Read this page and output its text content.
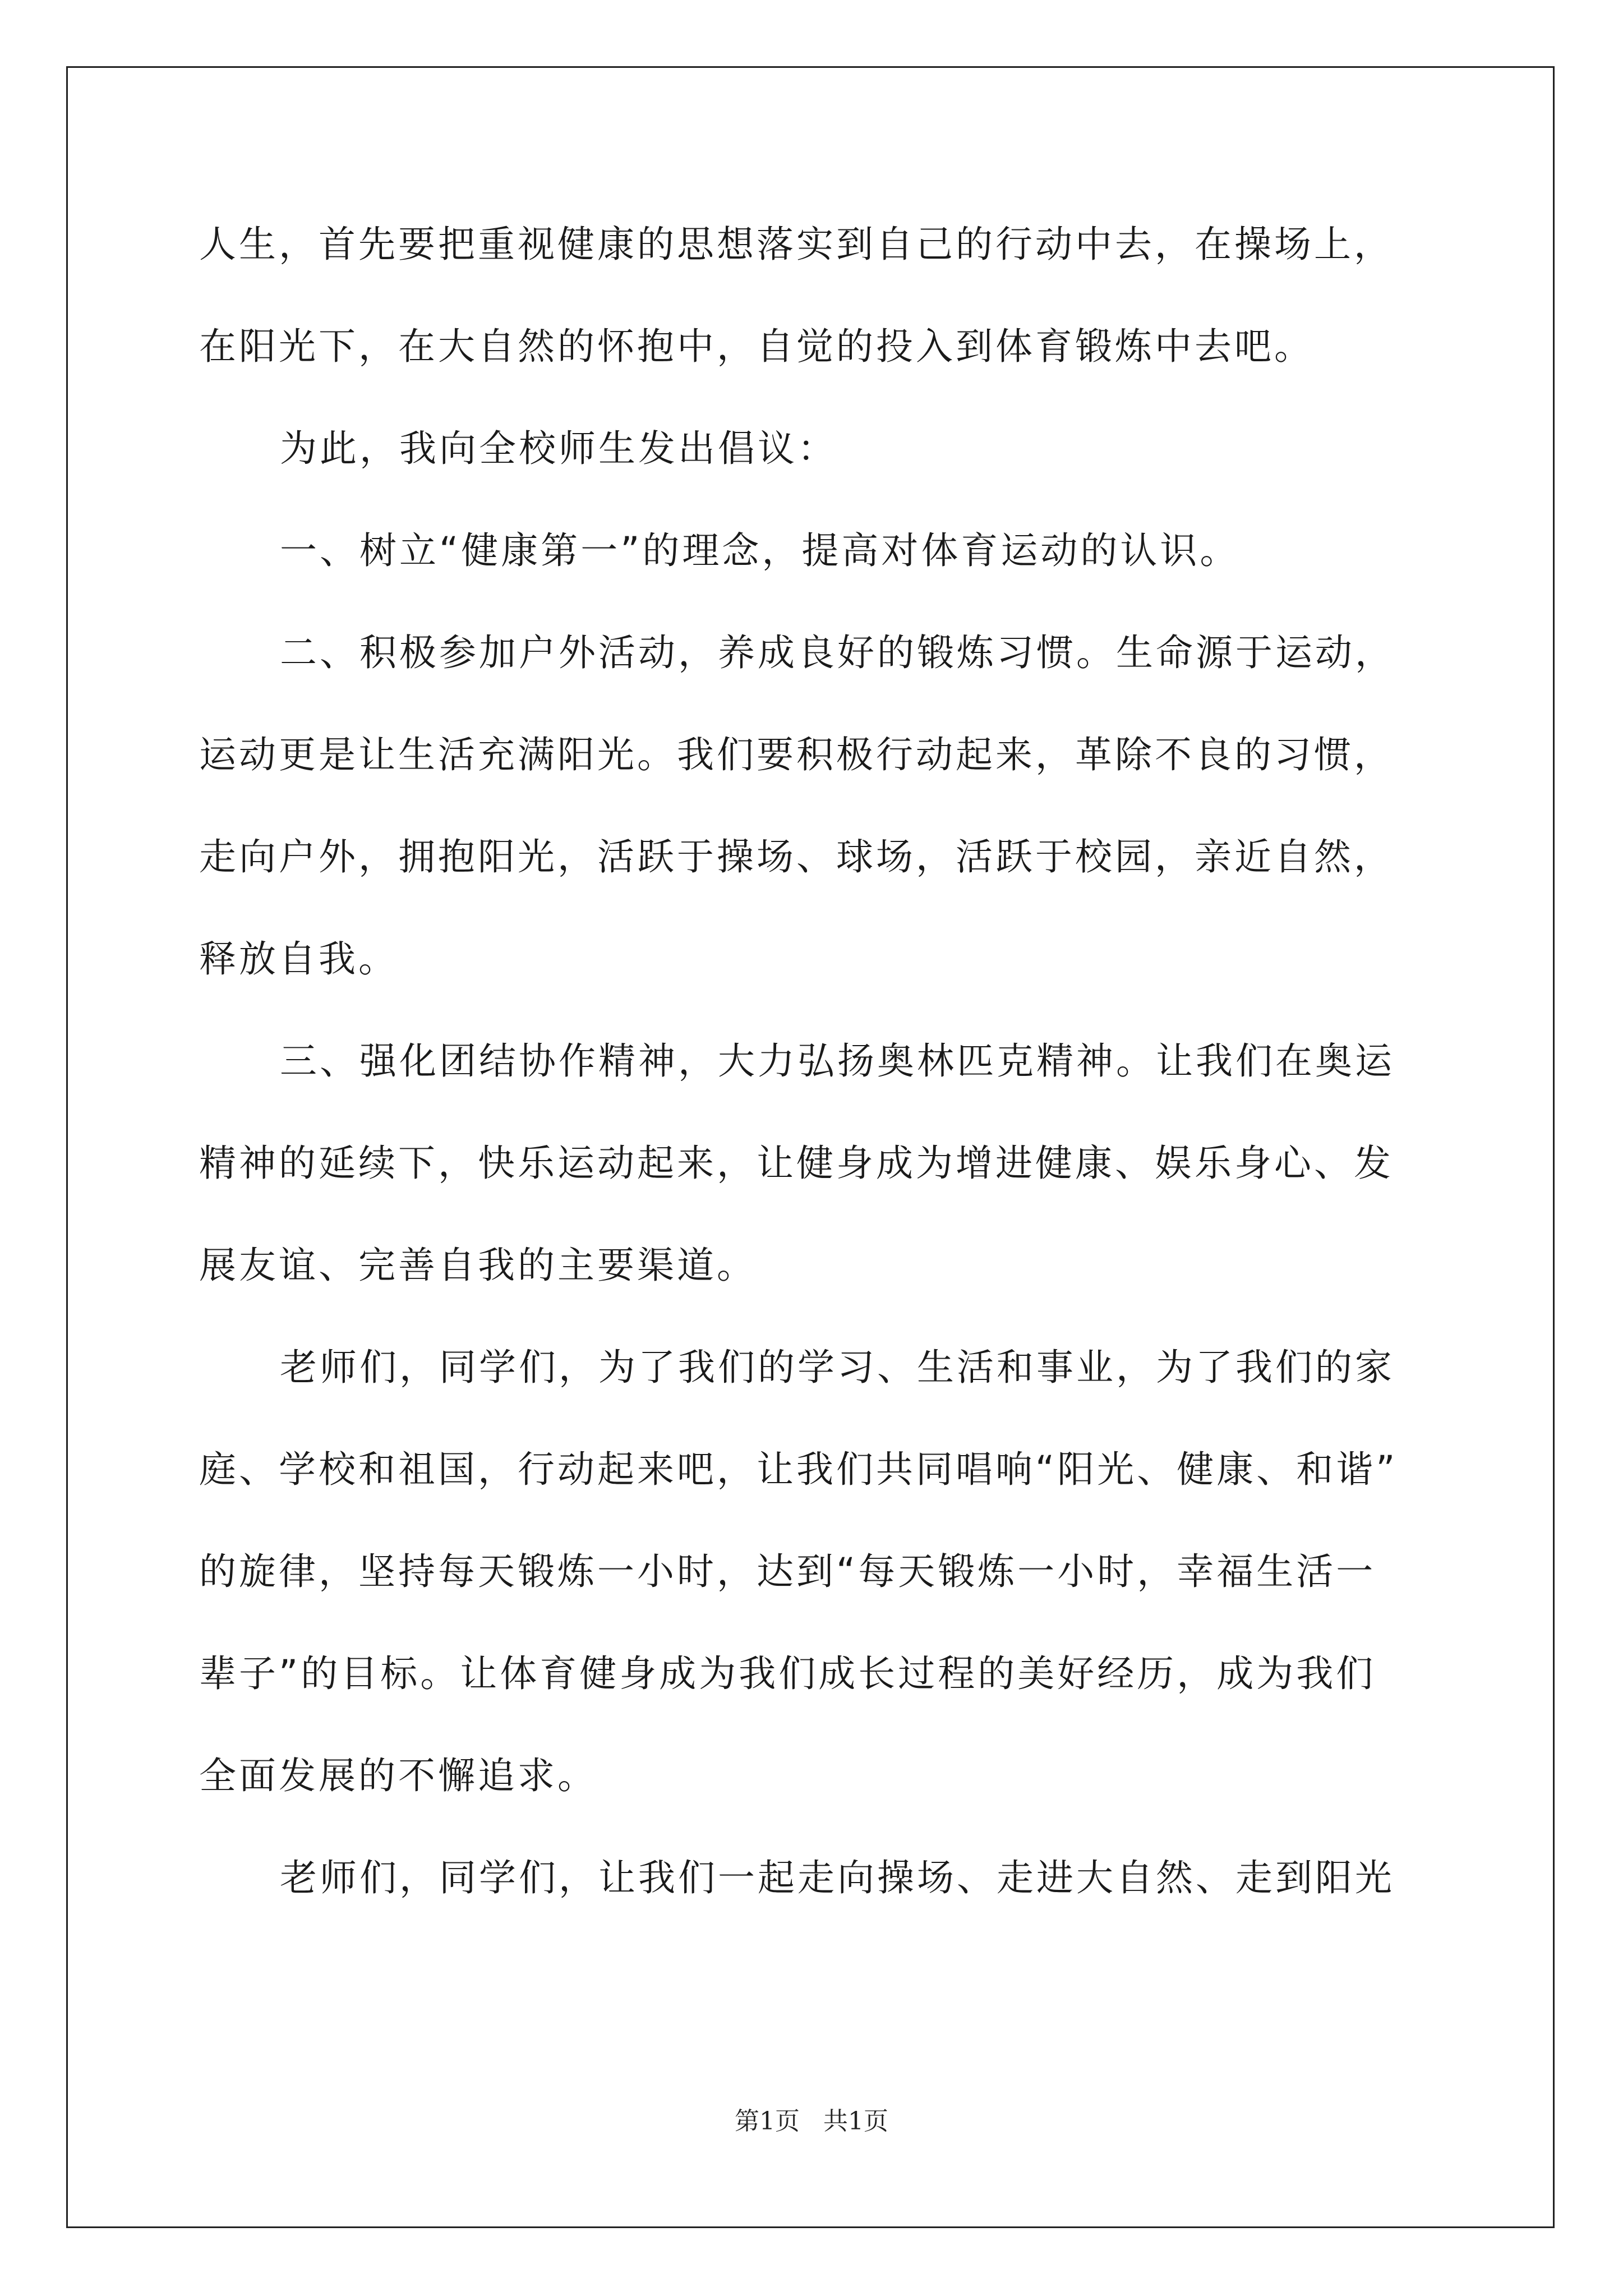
人生，首先要把重视健康的思想落实到自己的行动中去，在操场上，
在阳光下，在大自然的怀抱中，自觉的投入到体育锻炼中去吧。
为此，我向全校师生发出倡议：
一、树立“健康第一”的理念，提高对体育运动的认识。
二、积极参加户外活动，养成良好的锻炼习惯。生命源于运动，
运动更是让生活充满阳光。我们要积极行动起来，革除不良的习惯，
走向户外，拥抱阳光，活跃于操场、球场，活跃于校园，亲近自然，
释放自我。
三、强化团结协作精神，大力弘扬奥林匹克精神。让我们在奥运
精神的延续下，快乐运动起来，让健身成为增进健康、娱乐身心、发
展友谊、完善自我的主要渠道。
老师们，同学们，为了我们的学习、生活和事业，为了我们的家
庭、学校和祖国，行动起来吧，让我们共同唱响“阳光、健康、和谐”
的旋律，坚持每天锻炼一小时，达到“每天锻炼一小时，幸福生活一
辈子”的目标。让体育健身成为我们成长过程的美好经历，成为我们
全面发展的不懈追求。
老师们，同学们，让我们一起走向操场、走进大自然、走到阳光
第1页   共1页
